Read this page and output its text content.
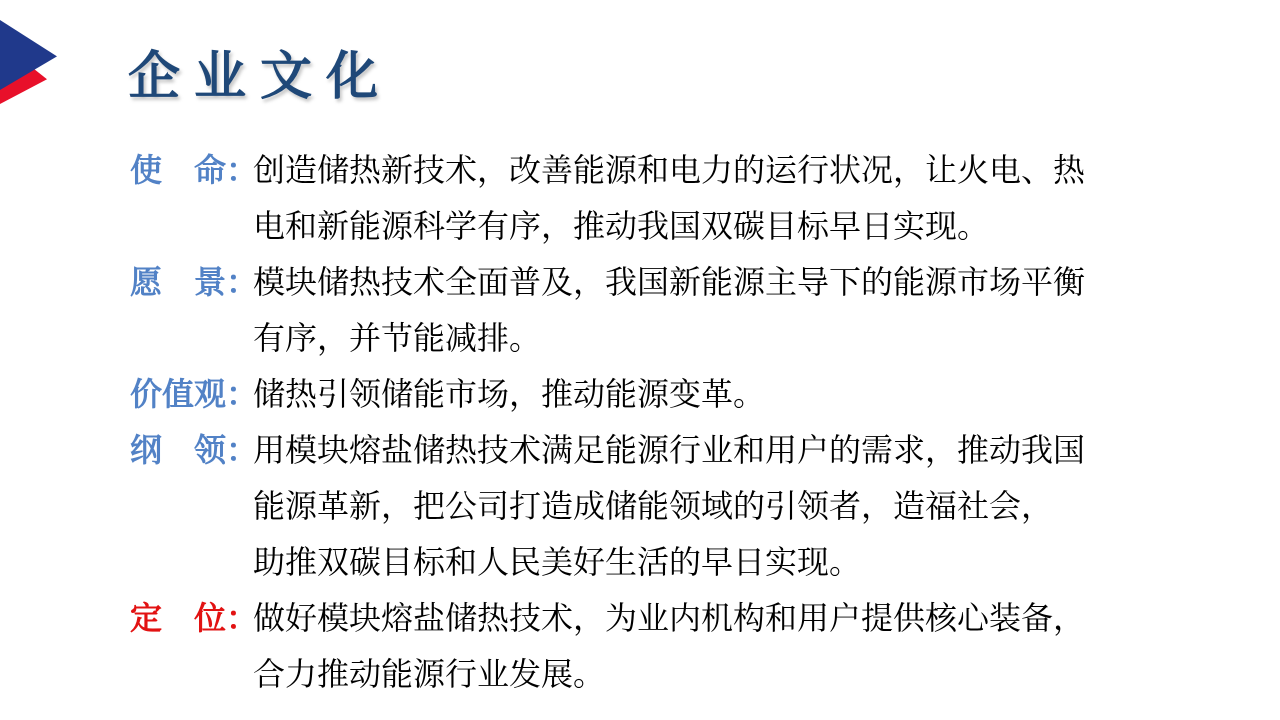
企业文化
使　命：
创造储热新技术，改善能源和电力的运行状况，让火电、热
电和新能源科学有序，推动我国双碳目标早日实现。
愿　景：
模块储热技术全面普及，我国新能源主导下的能源市场平衡
有序，并节能减排。
价值观：
储热引领储能市场，推动能源变革。
纲　领：
用模块熔盐储热技术满足能源行业和用户的需求，推动我国
能源革新，把公司打造成储能领域的引领者，造福社会，
助推双碳目标和人民美好生活的早日实现。
定　位：
做好模块熔盐储热技术，为业内机构和用户提供核心装备，
合力推动能源行业发展。
